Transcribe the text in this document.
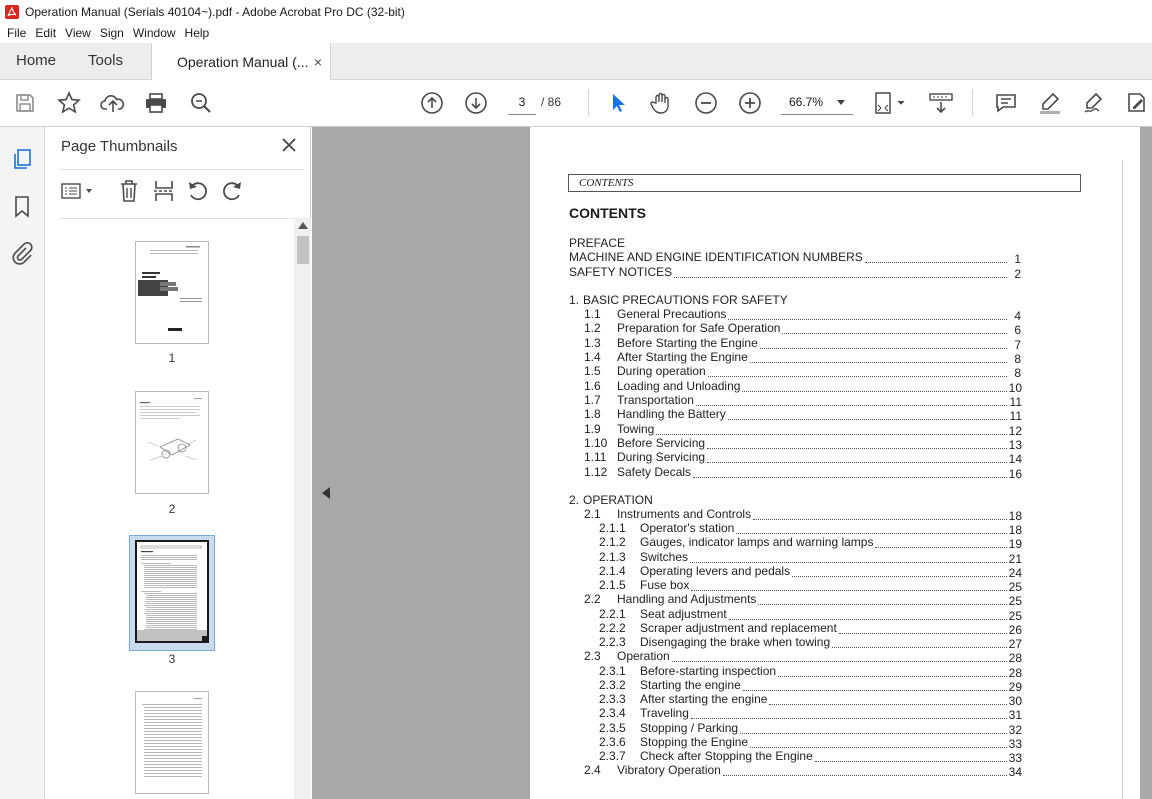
Operation Manual (Serials 40104~).pdf - Adobe Acrobat Pro DC (32-bit)
File Edit View Sign Window Help
Home Tools	Operation Manual (... ×
3	/ 86	66.7%
Page Thumbnails
1
2
3
CONTENTS
CONTENTS
PREFACE
MACHINE AND ENGINE IDENTIFICATION NUMBERS	1
SAFETY NOTICES	2
1. BASIC PRECAUTIONS FOR SAFETY
1.1 General Precautions	4
1.2 Preparation for Safe Operation	6
1.3 Before Starting the Engine	7
1.4 After Starting the Engine	8
1.5 During operation	8
1.6 Loading and Unloading	10
1.7 Transportation	11
1.8 Handling the Battery	11
1.9 Towing	12
1.10 Before Servicing	13
1.11 During Servicing	14
1.12 Safety Decals	16
2. OPERATION
2.1 Instruments and Controls	18
2.1.1 Operator's station	18
2.1.2 Gauges, indicator lamps and warning lamps	19
2.1.3 Switches	21
2.1.4 Operating levers and pedals	24
2.1.5 Fuse box	25
2.2 Handling and Adjustments	25
2.2.1 Seat adjustment	25
2.2.2 Scraper adjustment and replacement	26
2.2.3 Disengaging the brake when towing	27
2.3 Operation	28
2.3.1 Before-starting inspection	28
2.3.2 Starting the engine	29
2.3.3 After starting the engine	30
2.3.4 Traveling	31
2.3.5 Stopping / Parking	32
2.3.6 Stopping the Engine	33
2.3.7 Check after Stopping the Engine	33
2.4 Vibratory Operation	34
